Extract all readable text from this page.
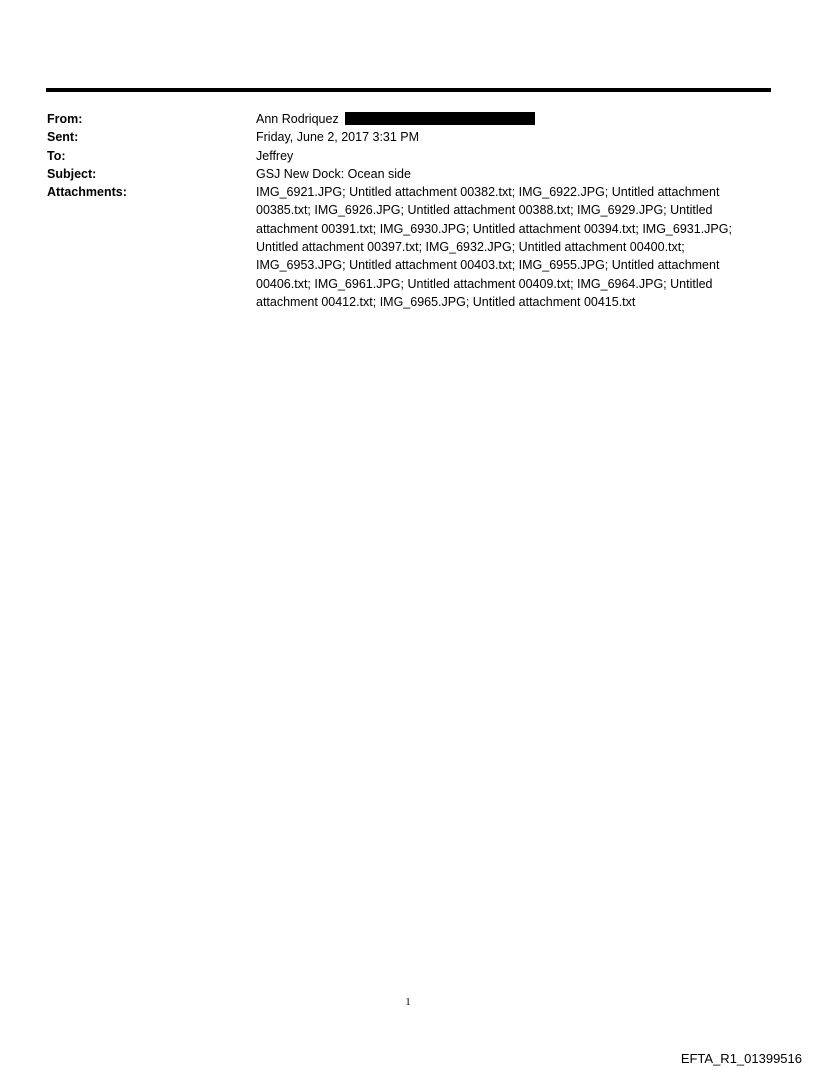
From:	Ann Rodriquez
Sent:	Friday, June 2, 2017 3:31 PM
To:	Jeffrey
Subject:	GSJ New Dock: Ocean side
Attachments:	IMG_6921.JPG; Untitled attachment 00382.txt; IMG_6922.JPG; Untitled attachment 00385.txt; IMG_6926.JPG; Untitled attachment 00388.txt; IMG_6929.JPG; Untitled attachment 00391.txt; IMG_6930.JPG; Untitled attachment 00394.txt; IMG_6931.JPG; Untitled attachment 00397.txt; IMG_6932.JPG; Untitled attachment 00400.txt; IMG_6953.JPG; Untitled attachment 00403.txt; IMG_6955.JPG; Untitled attachment 00406.txt; IMG_6961.JPG; Untitled attachment 00409.txt; IMG_6964.JPG; Untitled attachment 00412.txt; IMG_6965.JPG; Untitled attachment 00415.txt
1
EFTA_R1_01399516
